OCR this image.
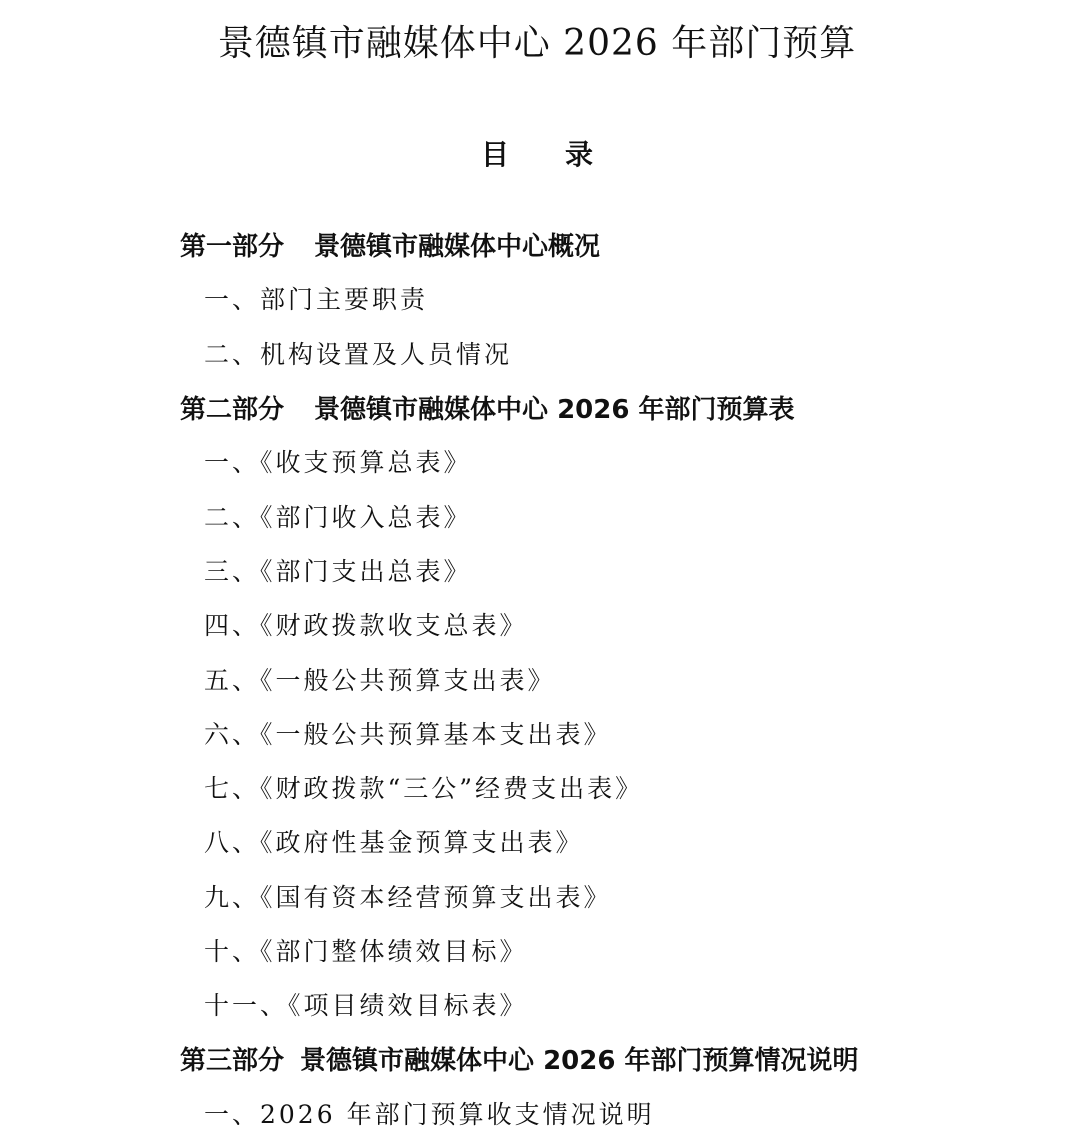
景德镇市融媒体中心 2026 年部门预算
目 录
第一部分 景德镇市融媒体中心概况
一、部门主要职责
二、机构设置及人员情况
第二部分 景德镇市融媒体中心 2026 年部门预算表
一、《收支预算总表》
二、《部门收入总表》
三、《部门支出总表》
四、《财政拨款收支总表》
五、《一般公共预算支出表》
六、《一般公共预算基本支出表》
七、《财政拨款“三公”经费支出表》
八、《政府性基金预算支出表》
九、《国有资本经营预算支出表》
十、《部门整体绩效目标》
十一、《项目绩效目标表》
第三部分 景德镇市融媒体中心 2026 年部门预算情况说明
一、2026 年部门预算收支情况说明
